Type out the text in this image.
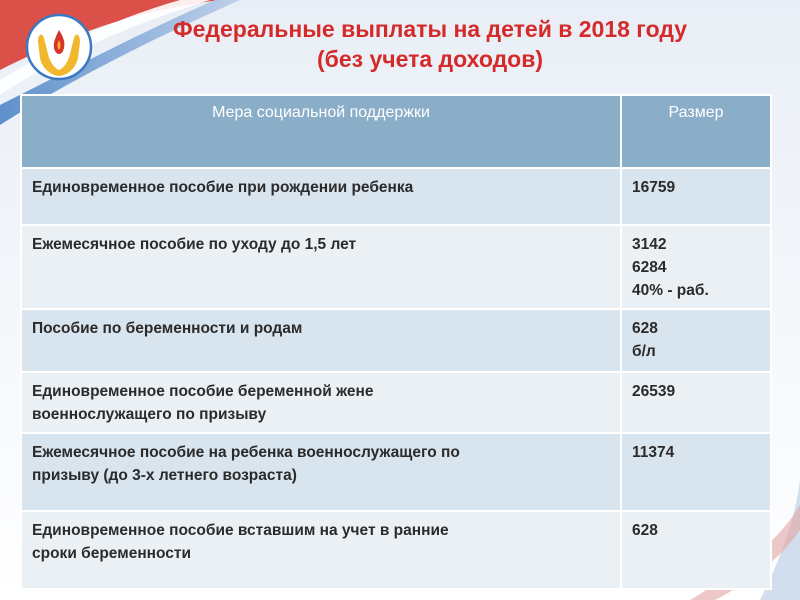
Федеральные выплаты на детей в 2018 году
(без учета доходов)
Мера социальной поддержки	Размер

Единовременное пособие при рождении ребенка	16759

Ежемесячное пособие по уходу до 1,5 лет	3142
6284
40% - раб.

Пособие по беременности и родам	628
б/л

Единовременное пособие беременной жене
военнослужащего по призыву	26539

Ежемесячное пособие на ребенка военнослужащего по
призыву (до 3-х летнего возраста)	11374

Единовременное пособие вставшим на учет в ранние
сроки беременности	628
